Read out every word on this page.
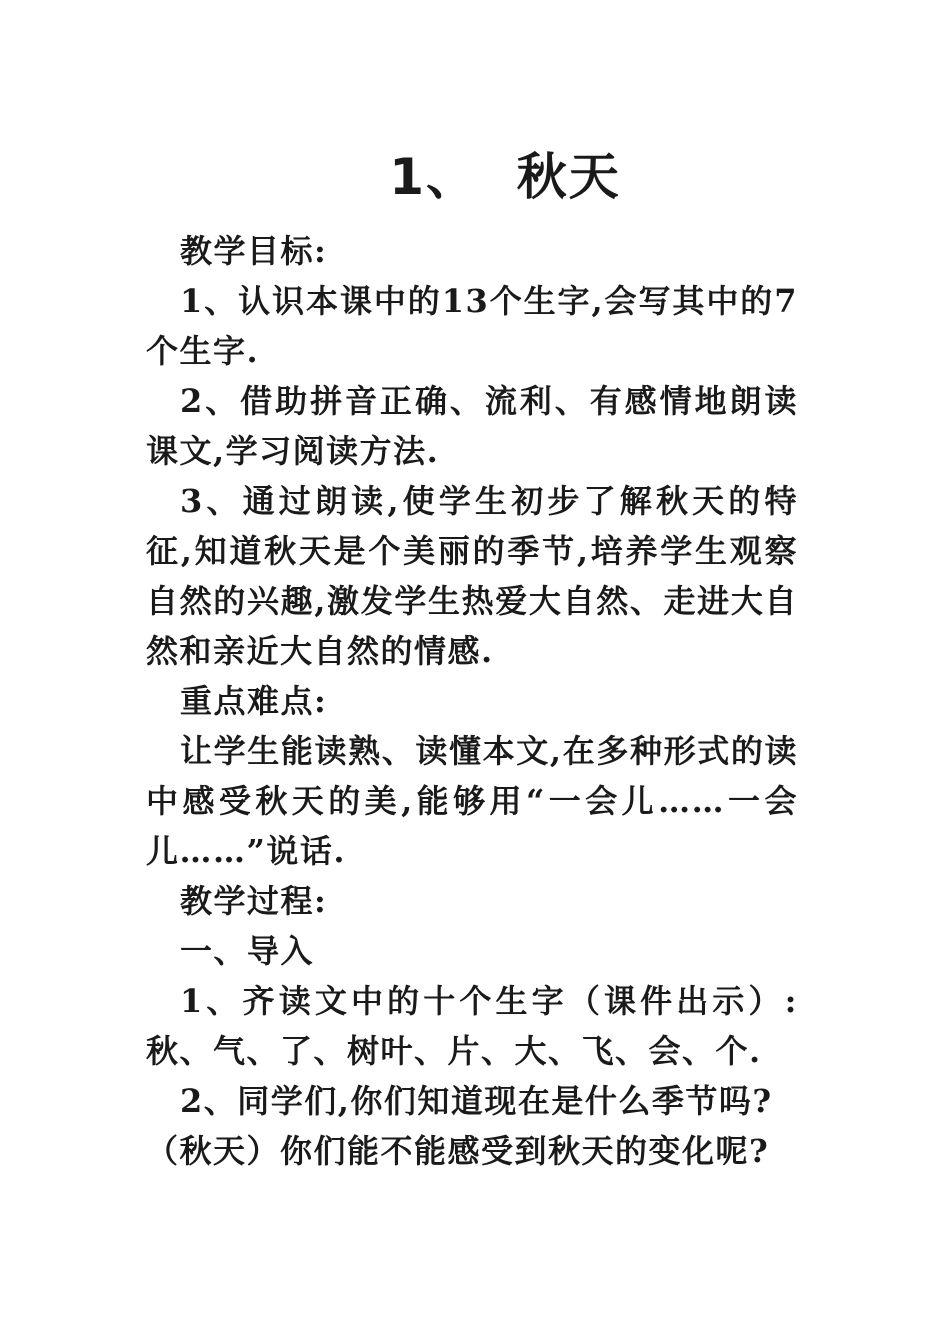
1、  秋天

教学目标:

1、认识本课中的13个生字,会写其中的7个生字.

2、借助拼音正确、流利、有感情地朗读课文,学习阅读方法.

3、通过朗读,使学生初步了解秋天的特征,知道秋天是个美丽的季节,培养学生观察自然的兴趣,激发学生热爱大自然、走进大自然和亲近大自然的情感.

重点难点:

让学生能读熟、读懂本文,在多种形式的读中感受秋天的美,能够用“一会儿……一会儿……”说话.

教学过程:

一、导入

1、齐读文中的十个生字（课件出示）:秋、气、了、树叶、片、大、飞、会、个.

2、同学们,你们知道现在是什么季节吗?

（秋天）你们能不能感受到秋天的变化呢?
